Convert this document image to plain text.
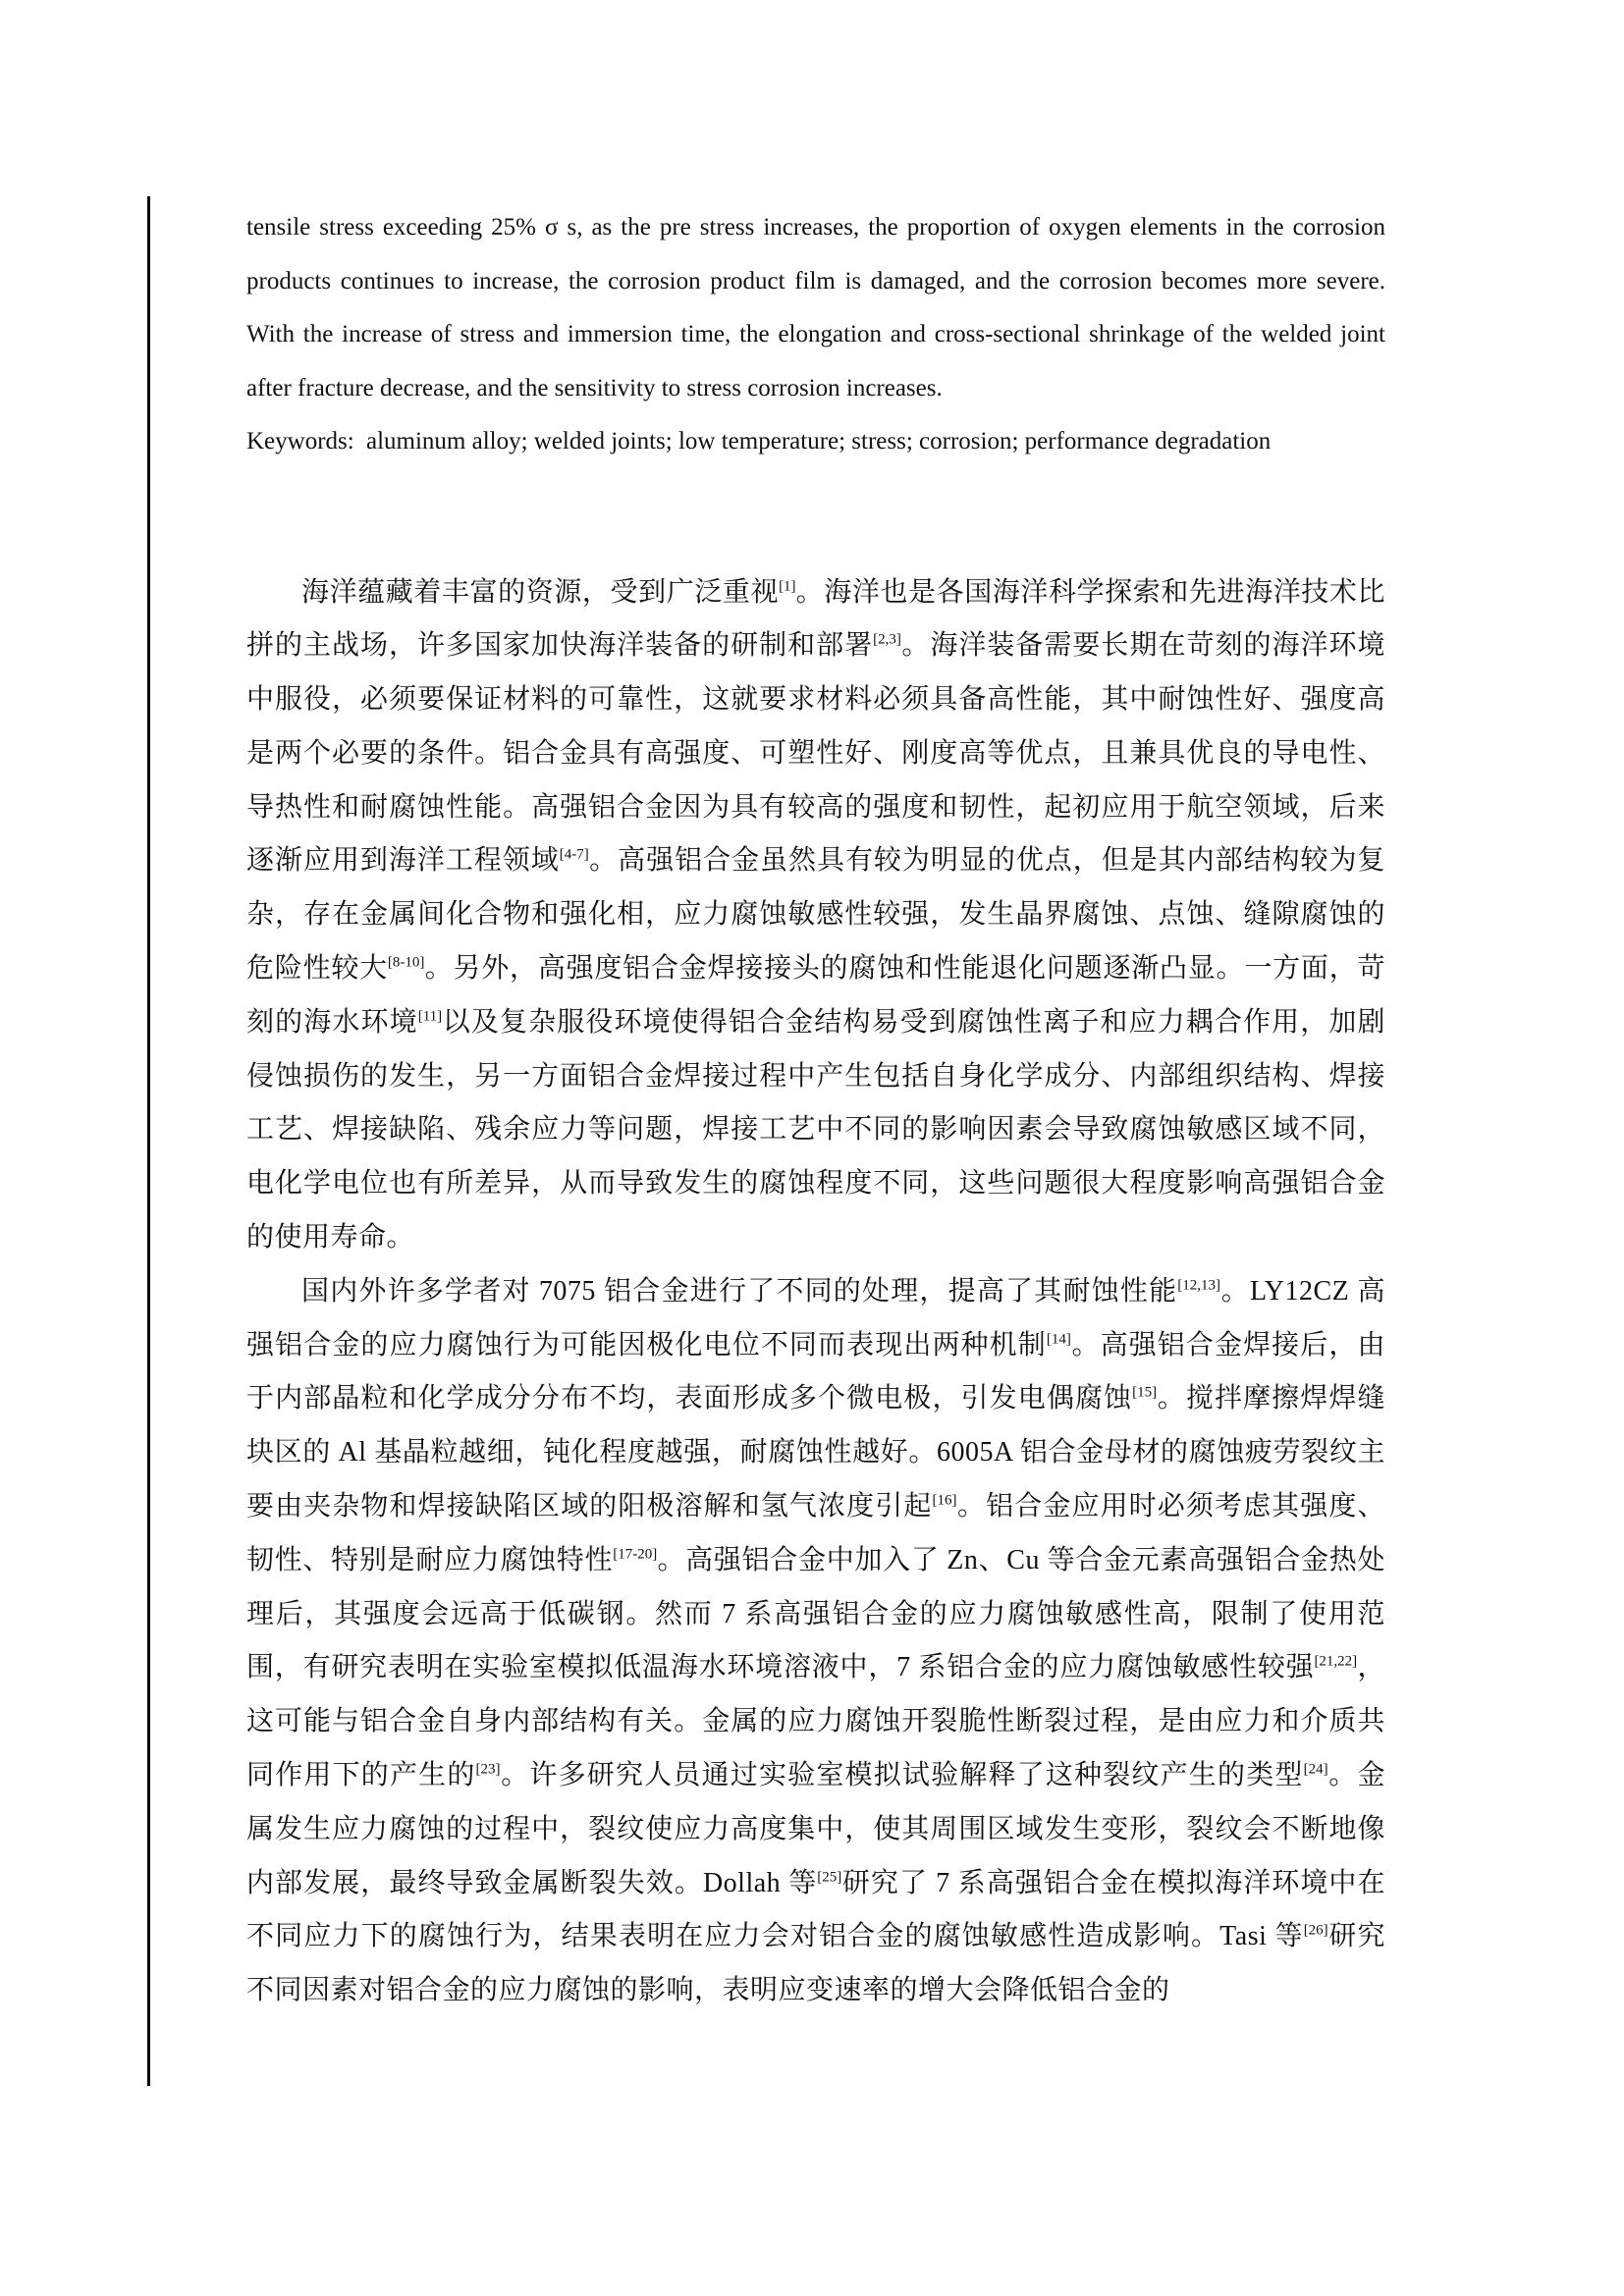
tensile stress exceeding 25% σ s, as the pre stress increases, the proportion of oxygen elements in the corrosion products continues to increase, the corrosion product film is damaged, and the corrosion becomes more severe. With the increase of stress and immersion time, the elongation and cross-sectional shrinkage of the welded joint after fracture decrease, and the sensitivity to stress corrosion increases.

Keywords: aluminum alloy; welded joints; low temperature; stress; corrosion; performance degradation

海洋蕴藏着丰富的资源，受到广泛重视[1]。海洋也是各国海洋科学探索和先进海洋技术比拼的主战场，许多国家加快海洋装备的研制和部署[2,3]。海洋装备需要长期在苛刻的海洋环境中服役，必须要保证材料的可靠性，这就要求材料必须具备高性能，其中耐蚀性好、强度高是两个必要的条件。铝合金具有高强度、可塑性好、刚度高等优点，且兼具优良的导电性、导热性和耐腐蚀性能。高强铝合金因为具有较高的强度和韧性，起初应用于航空领域，后来逐渐应用到海洋工程领域[4-7]。高强铝合金虽然具有较为明显的优点，但是其内部结构较为复杂，存在金属间化合物和强化相，应力腐蚀敏感性较强，发生晶界腐蚀、点蚀、缝隙腐蚀的危险性较大[8-10]。另外，高强度铝合金焊接接头的腐蚀和性能退化问题逐渐凸显。一方面，苛刻的海水环境[11]以及复杂服役环境使得铝合金结构易受到腐蚀性离子和应力耦合作用，加剧侵蚀损伤的发生，另一方面铝合金焊接过程中产生包括自身化学成分、内部组织结构、焊接工艺、焊接缺陷、残余应力等问题，焊接工艺中不同的影响因素会导致腐蚀敏感区域不同，电化学电位也有所差异，从而导致发生的腐蚀程度不同，这些问题很大程度影响高强铝合金的使用寿命。

国内外许多学者对 7075 铝合金进行了不同的处理，提高了其耐蚀性能[12,13]。LY12CZ 高强铝合金的应力腐蚀行为可能因极化电位不同而表现出两种机制[14]。高强铝合金焊接后，由于内部晶粒和化学成分分布不均，表面形成多个微电极，引发电偶腐蚀[15]。搅拌摩擦焊焊缝块区的 Al 基晶粒越细，钝化程度越强，耐腐蚀性越好。6005A 铝合金母材的腐蚀疲劳裂纹主要由夹杂物和焊接缺陷区域的阳极溶解和氢气浓度引起[16]。铝合金应用时必须考虑其强度、韧性、特别是耐应力腐蚀特性[17-20]。高强铝合金中加入了 Zn、Cu 等合金元素高强铝合金热处理后，其强度会远高于低碳钢。然而 7 系高强铝合金的应力腐蚀敏感性高，限制了使用范围，有研究表明在实验室模拟低温海水环境溶液中，7 系铝合金的应力腐蚀敏感性较强[21,22]，这可能与铝合金自身内部结构有关。金属的应力腐蚀开裂脆性断裂过程，是由应力和介质共同作用下的产生的[23]。许多研究人员通过实验室模拟试验解释了这种裂纹产生的类型[24]。金属发生应力腐蚀的过程中，裂纹使应力高度集中，使其周围区域发生变形，裂纹会不断地像内部发展，最终导致金属断裂失效。Dollah 等[25]研究了 7 系高强铝合金在模拟海洋环境中在不同应力下的腐蚀行为，结果表明在应力会对铝合金的腐蚀敏感性造成影响。Tasi 等[26]研究不同因素对铝合金的应力腐蚀的影响，表明应变速率的增大会降低铝合金的
